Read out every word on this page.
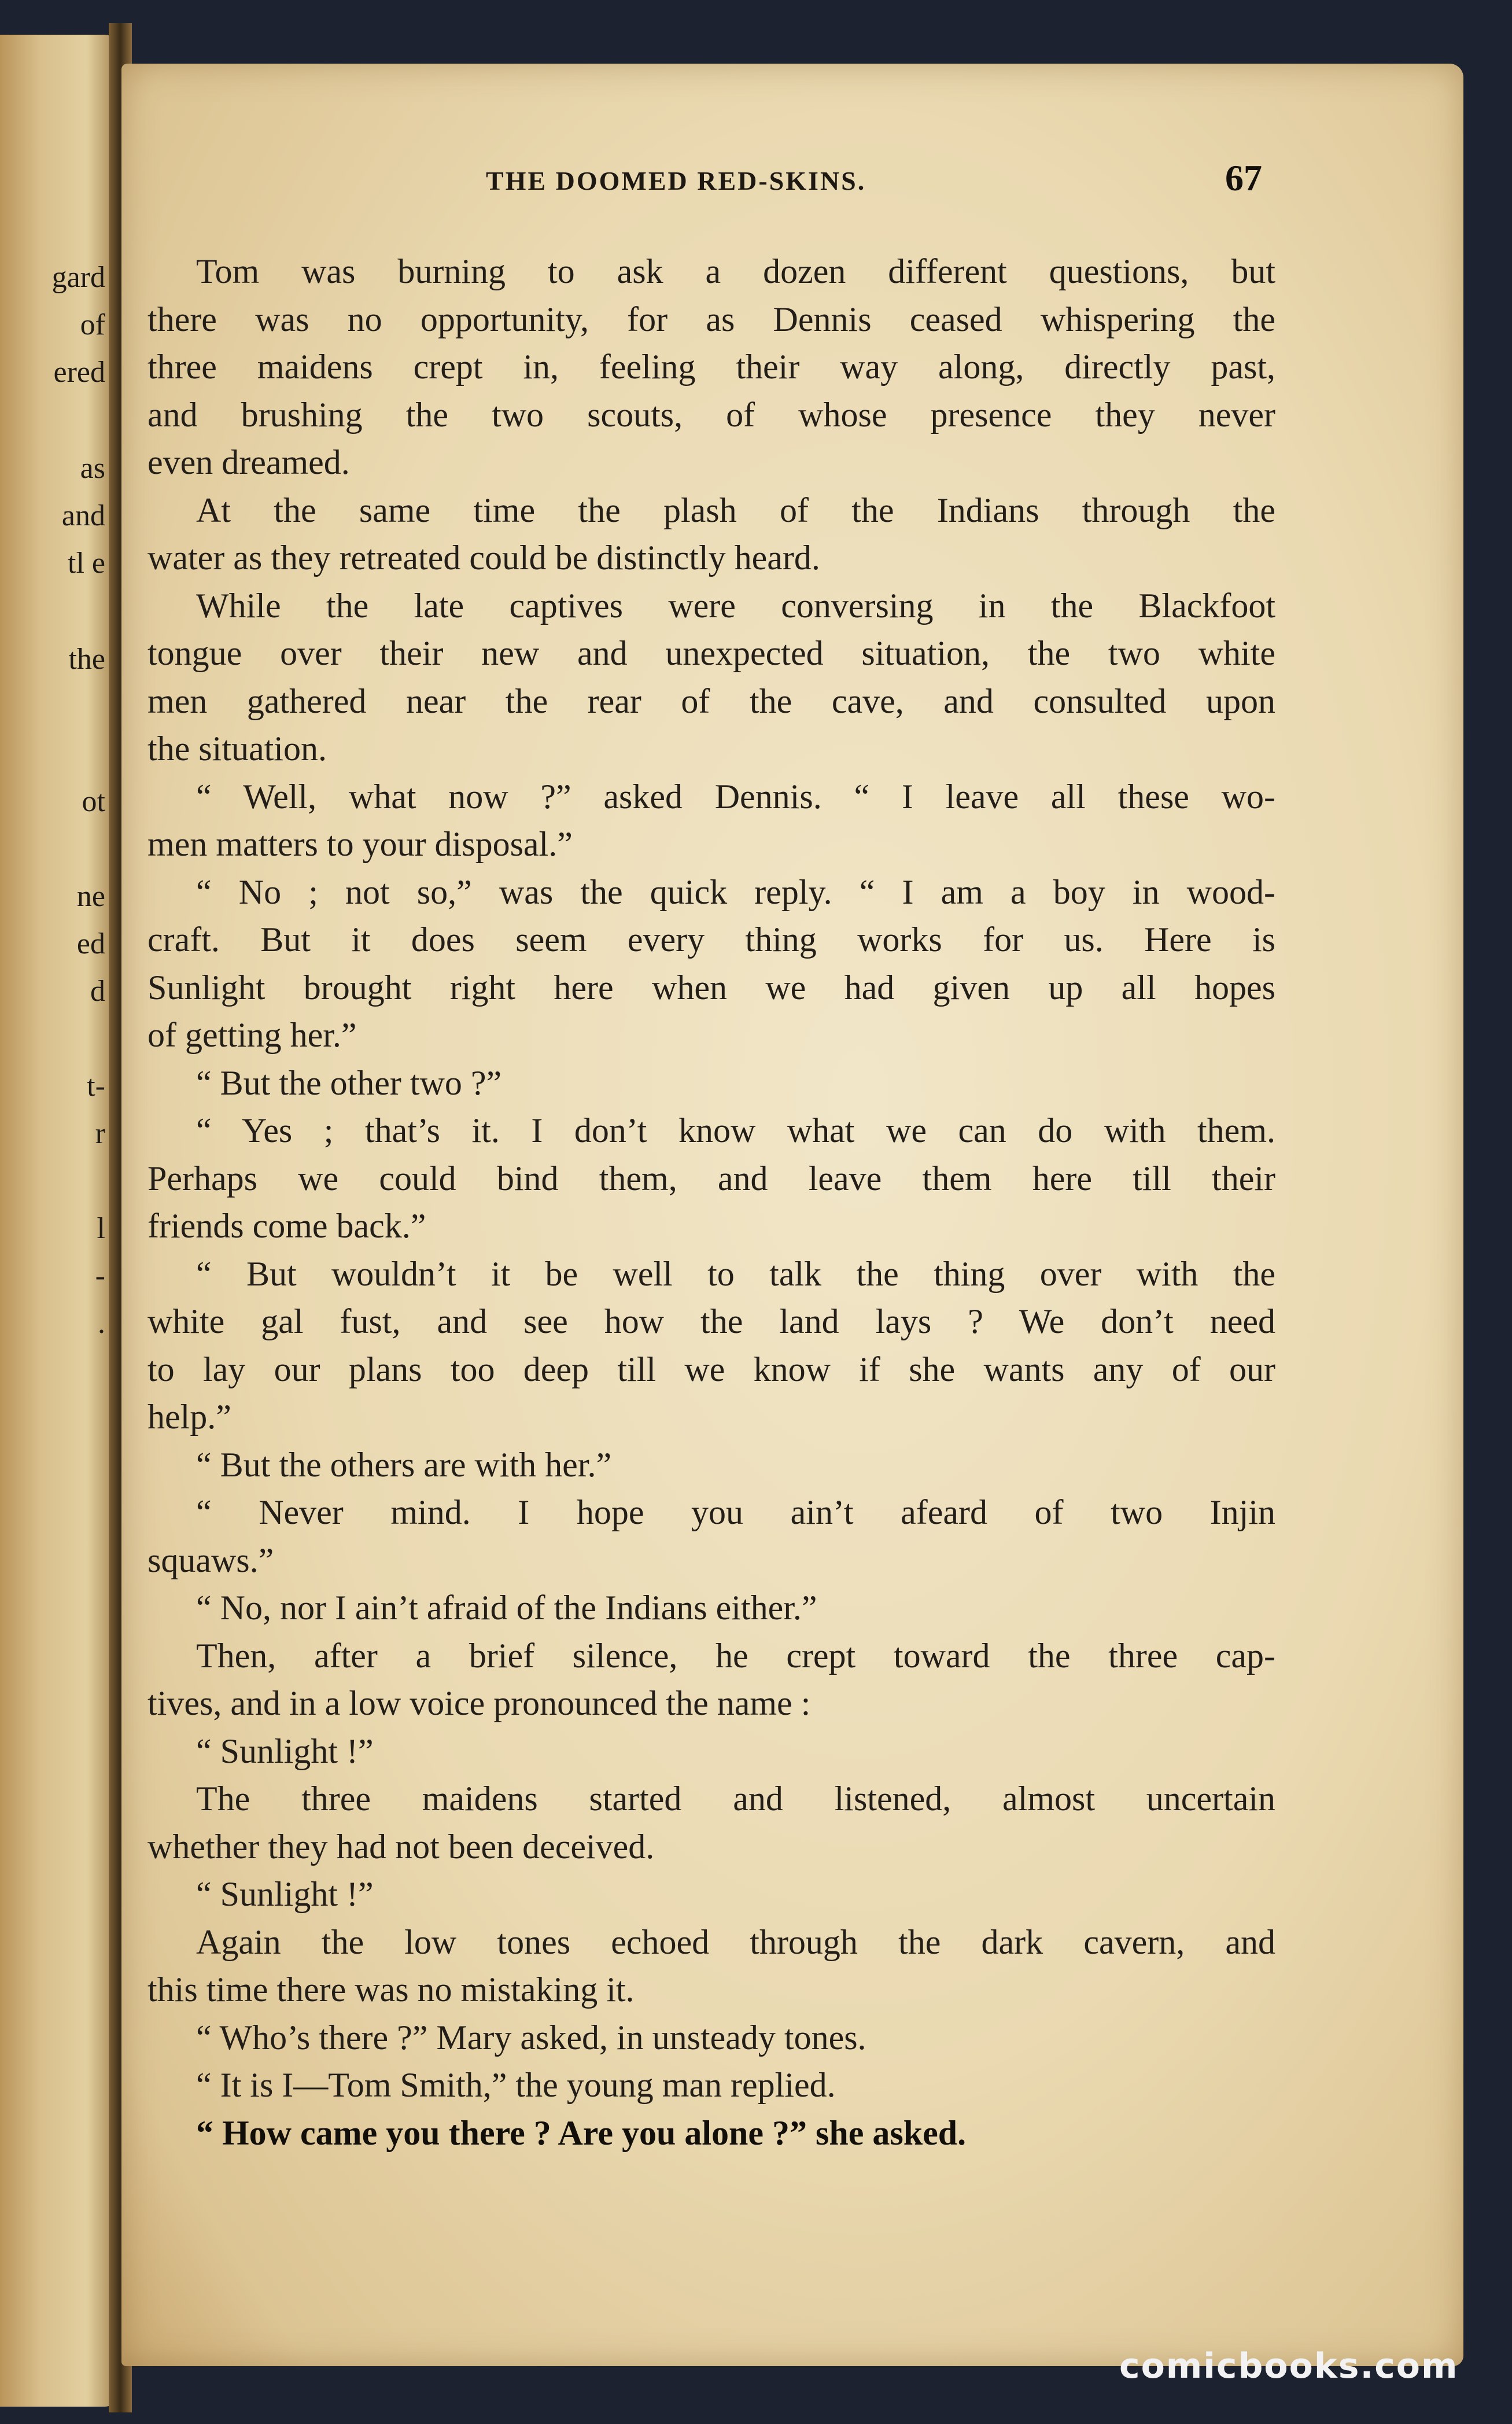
gard
of
ered
as
and
tl e
the
ot
ne
ed
d
t-
r
l
-
.
THE DOOMED RED-SKINS.	67
Tom was burning to ask a dozen different questions, but
there was no opportunity, for as Dennis ceased whispering the
three maidens crept in, feeling their way along, directly past,
and brushing the two scouts, of whose presence they never
even dreamed.
At the same time the plash of the Indians through the
water as they retreated could be distinctly heard.
While the late captives were conversing in the Blackfoot
tongue over their new and unexpected situation, the two white
men gathered near the rear of the cave, and consulted upon
the situation.
“ Well, what now ?” asked Dennis. “ I leave all these wo-
men matters to your disposal.”
“ No ; not so,” was the quick reply. “ I am a boy in wood-
craft. But it does seem every thing works for us. Here is
Sunlight brought right here when we had given up all hopes
of getting her.”
“ But the other two ?”
“ Yes ; that’s it. I don’t know what we can do with them.
Perhaps we could bind them, and leave them here till their
friends come back.”
“ But wouldn’t it be well to talk the thing over with the
white gal fust, and see how the land lays ? We don’t need
to lay our plans too deep till we know if she wants any of our
help.”
“ But the others are with her.”
“ Never mind. I hope you ain’t afeard of two Injin
squaws.”
“ No, nor I ain’t afraid of the Indians either.”
Then, after a brief silence, he crept toward the three cap-
tives, and in a low voice pronounced the name :
“ Sunlight !”
The three maidens started and listened, almost uncertain
whether they had not been deceived.
“ Sunlight !”
Again the low tones echoed through the dark cavern, and
this time there was no mistaking it.
“ Who’s there ?” Mary asked, in unsteady tones.
“ It is I—Tom Smith,” the young man replied.
“ How came you there ? Are you alone ?” she asked.
comicbooks.com
